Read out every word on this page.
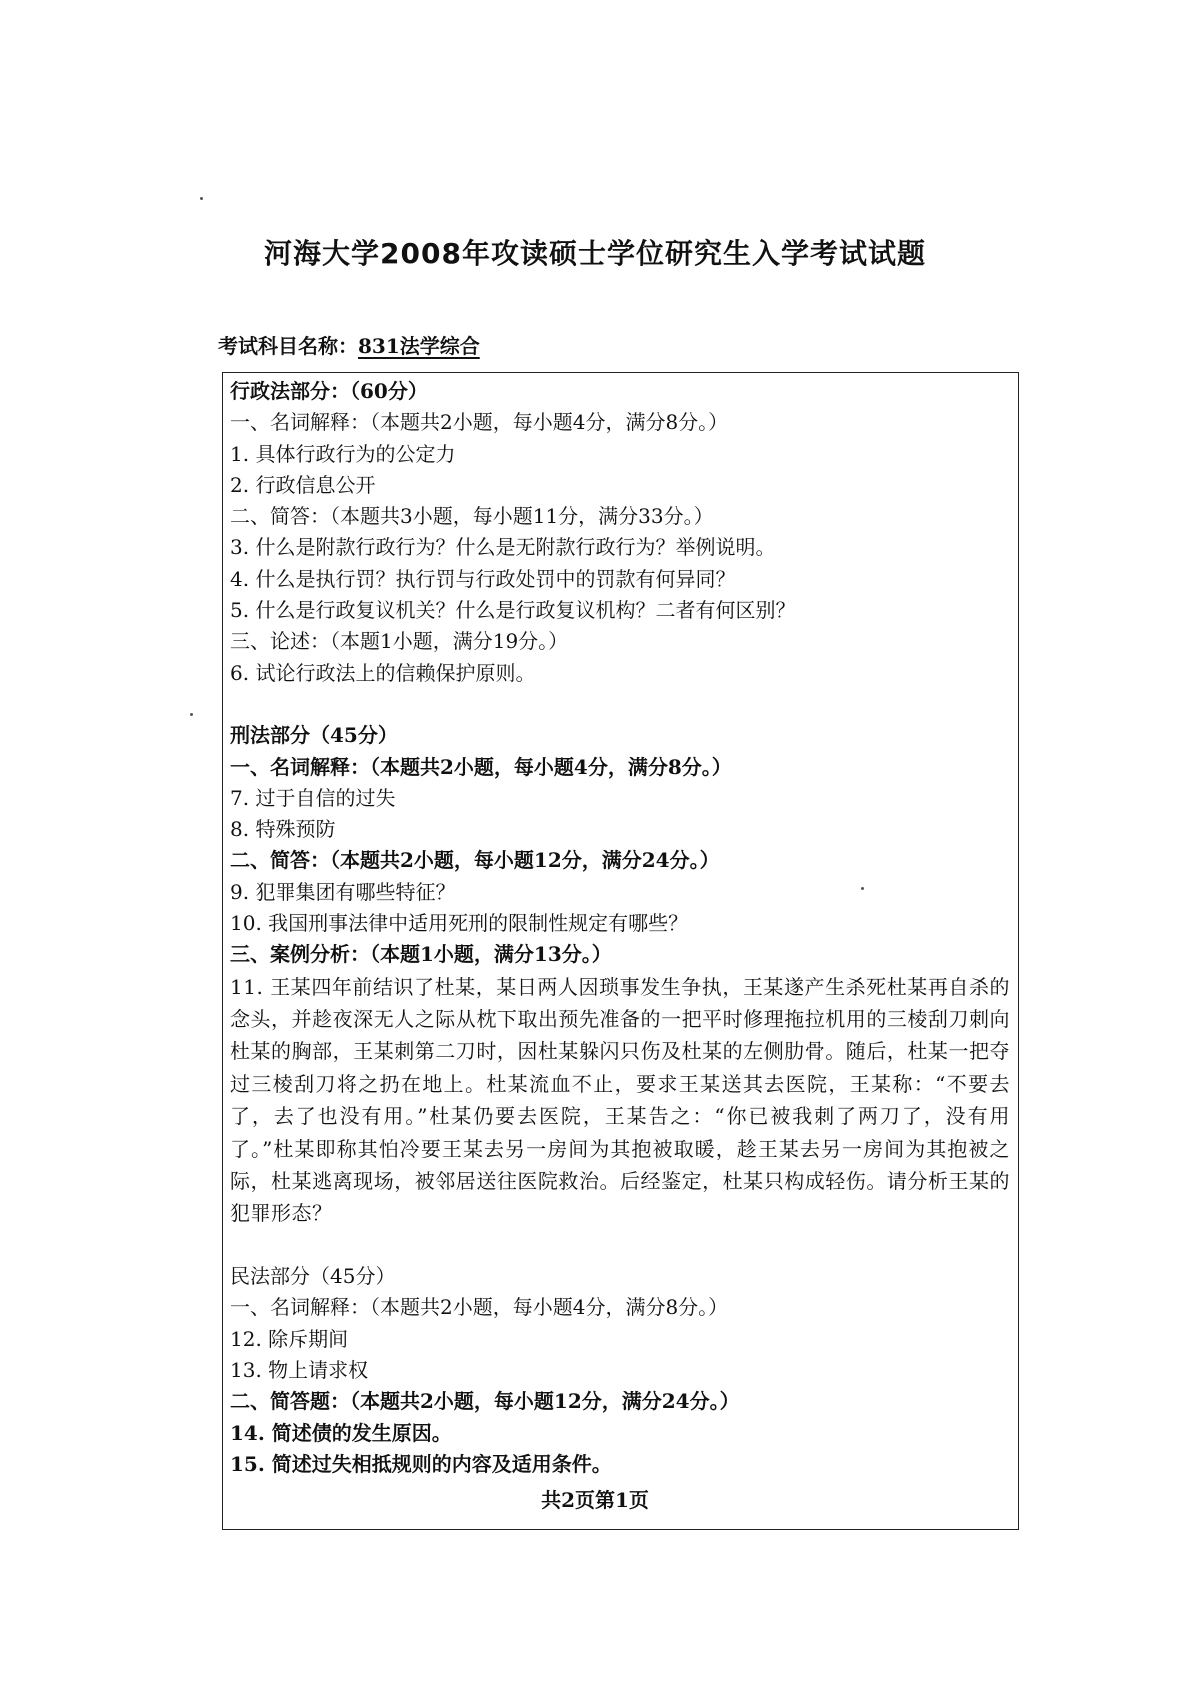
河海大学2008年攻读硕士学位研究生入学考试试题
考试科目名称：831法学综合
行政法部分：（60分）
一、名词解释：（本题共2小题，每小题4分，满分8分。）
1. 具体行政行为的公定力
2. 行政信息公开
二、简答：（本题共3小题，每小题11分，满分33分。）
3. 什么是附款行政行为？什么是无附款行政行为？举例说明。
4. 什么是执行罚？执行罚与行政处罚中的罚款有何异同？
5. 什么是行政复议机关？什么是行政复议机构？二者有何区别？
三、论述：（本题1小题，满分19分。）
6. 试论行政法上的信赖保护原则。
刑法部分（45分）
一、名词解释：（本题共2小题，每小题4分，满分8分。）
7. 过于自信的过失
8. 特殊预防
二、简答：（本题共2小题，每小题12分，满分24分。）
9. 犯罪集团有哪些特征？
10. 我国刑事法律中适用死刑的限制性规定有哪些？
三、案例分析：（本题1小题，满分13分。）
11. 王某四年前结识了杜某，某日两人因琐事发生争执，王某遂产生杀死杜某再自杀的念头，并趁夜深无人之际从枕下取出预先准备的一把平时修理拖拉机用的三棱刮刀刺向杜某的胸部，王某刺第二刀时，因杜某躲闪只伤及杜某的左侧肋骨。随后，杜某一把夺过三棱刮刀将之扔在地上。杜某流血不止，要求王某送其去医院，王某称：“不要去了，去了也没有用。”杜某仍要去医院，王某告之：“你已被我刺了两刀了，没有用了。”杜某即称其怕冷要王某去另一房间为其抱被取暖，趁王某去另一房间为其抱被之际，杜某逃离现场，被邻居送往医院救治。后经鉴定，杜某只构成轻伤。请分析王某的犯罪形态？
民法部分（45分）
一、名词解释：（本题共2小题，每小题4分，满分8分。）
12. 除斥期间
13. 物上请求权
二、简答题：（本题共2小题，每小题12分，满分24分。）
14. 简述债的发生原因。
15. 简述过失相抵规则的内容及适用条件。
共2页第1页
